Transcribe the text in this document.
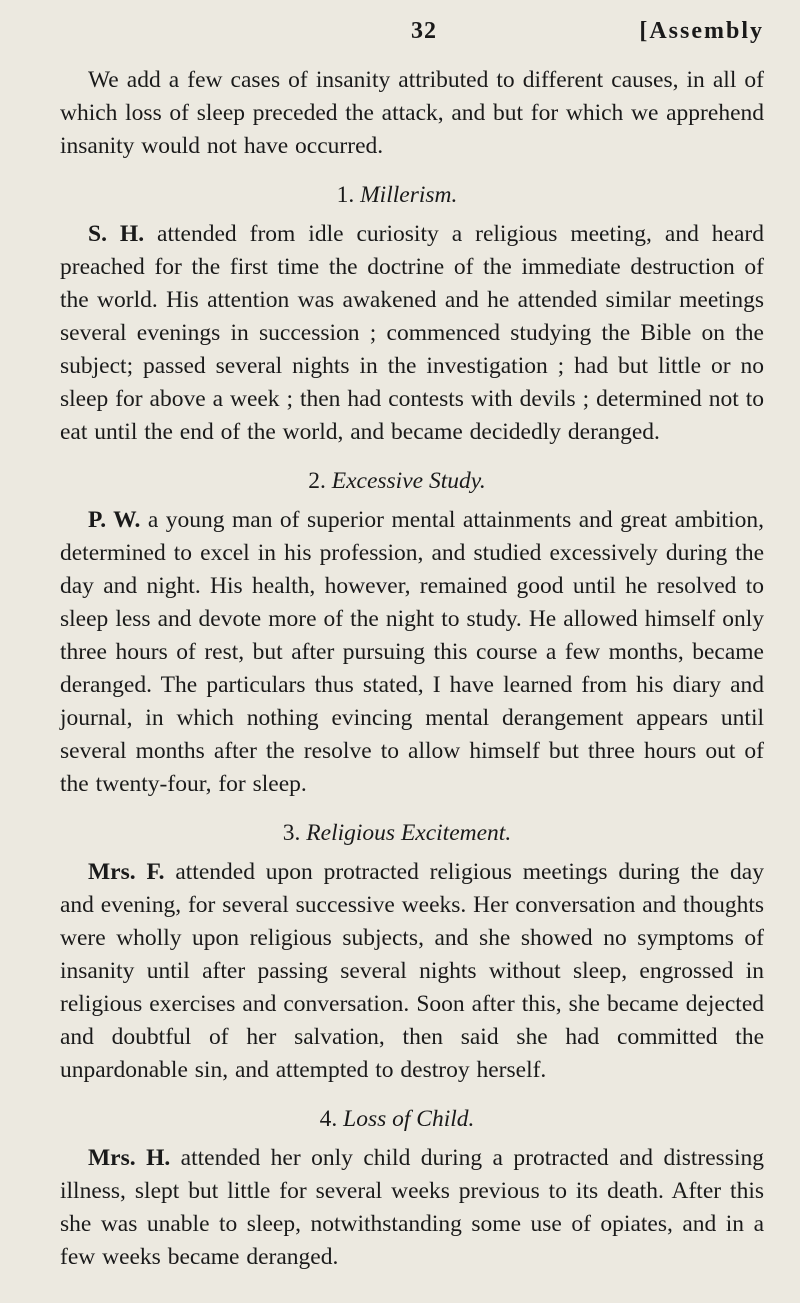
32	[Assembly

We add a few cases of insanity attributed to different causes, in all of which loss of sleep preceded the attack, and but for which we apprehend insanity would not have occurred.

1. Millerism.

S. H. attended from idle curiosity a religious meeting, and heard preached for the first time the doctrine of the immediate destruction of the world. His attention was awakened and he attended similar meetings several evenings in succession ; commenced studying the Bible on the subject; passed several nights in the investigation ; had but little or no sleep for above a week ; then had contests with devils ; determined not to eat until the end of the world, and became decidedly deranged.

2. Excessive Study.

P. W. a young man of superior mental attainments and great ambition, determined to excel in his profession, and studied excessively during the day and night. His health, however, remained good until he resolved to sleep less and devote more of the night to study. He allowed himself only three hours of rest, but after pursuing this course a few months, became deranged. The particulars thus stated, I have learned from his diary and journal, in which nothing evincing mental derangement appears until several months after the resolve to allow himself but three hours out of the twenty-four, for sleep.

3. Religious Excitement.

Mrs. F. attended upon protracted religious meetings during the day and evening, for several successive weeks. Her conversation and thoughts were wholly upon religious subjects, and she showed no symptoms of insanity until after passing several nights without sleep, engrossed in religious exercises and conversation. Soon after this, she became dejected and doubtful of her salvation, then said she had committed the unpardonable sin, and attempted to destroy herself.

4. Loss of Child.

Mrs. H. attended her only child during a protracted and distressing illness, slept but little for several weeks previous to its death. After this she was unable to sleep, notwithstanding some use of opiates, and in a few weeks became deranged.
